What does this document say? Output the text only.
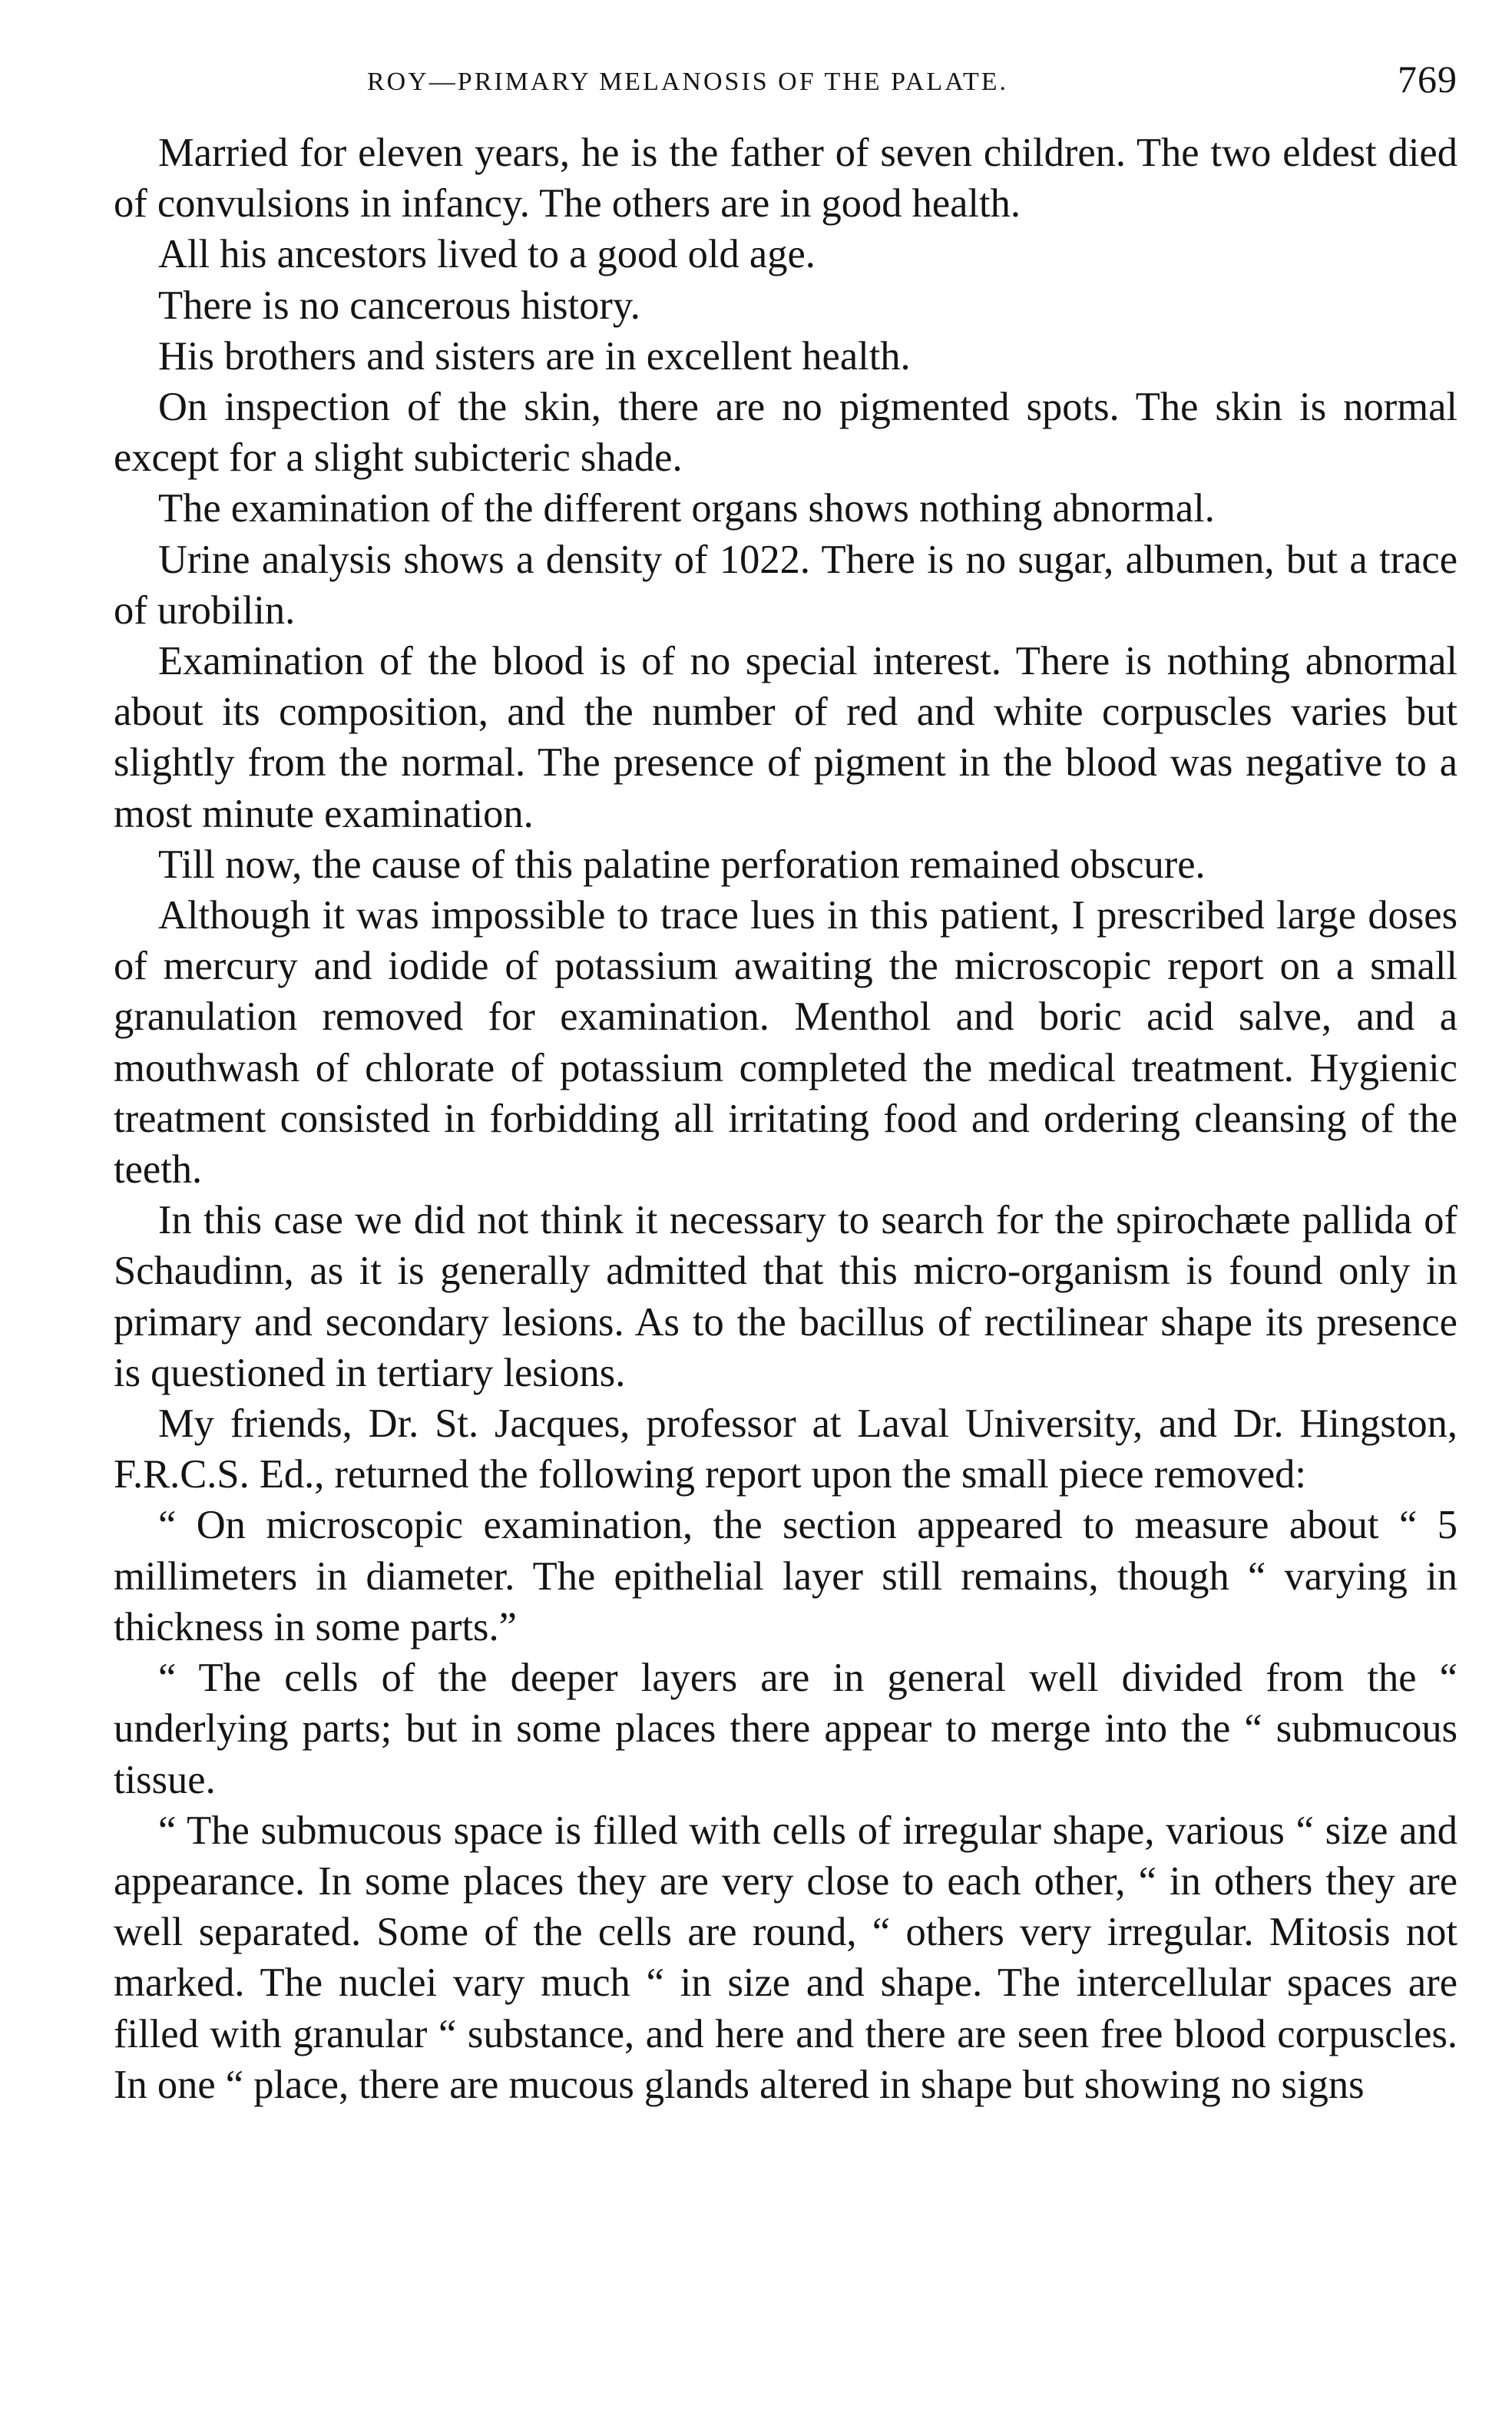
ROY—PRIMARY MELANOSIS OF THE PALATE.	769

Married for eleven years, he is the father of seven children. The two eldest died of convulsions in infancy. The others are in good health.

All his ancestors lived to a good old age.

There is no cancerous history.

His brothers and sisters are in excellent health.

On inspection of the skin, there are no pigmented spots. The skin is normal except for a slight subicteric shade.

The examination of the different organs shows nothing abnormal.

Urine analysis shows a density of 1022. There is no sugar, albumen, but a trace of urobilin.

Examination of the blood is of no special interest. There is nothing abnormal about its composition, and the number of red and white corpuscles varies but slightly from the normal. The presence of pigment in the blood was negative to a most minute examination.

Till now, the cause of this palatine perforation remained obscure.

Although it was impossible to trace lues in this patient, I prescribed large doses of mercury and iodide of potassium awaiting the microscopic report on a small granulation removed for examination. Menthol and boric acid salve, and a mouthwash of chlorate of potassium completed the medical treatment. Hygienic treatment consisted in forbidding all irritating food and ordering cleansing of the teeth.

In this case we did not think it necessary to search for the spirochæte pallida of Schaudinn, as it is generally admitted that this micro-organism is found only in primary and secondary lesions. As to the bacillus of rectilinear shape its presence is questioned in tertiary lesions.

My friends, Dr. St. Jacques, professor at Laval University, and Dr. Hingston, F.R.C.S. Ed., returned the following report upon the small piece removed:

“ On microscopic examination, the section appeared to measure about “ 5 millimeters in diameter. The epithelial layer still remains, though “ varying in thickness in some parts.”

“ The cells of the deeper layers are in general well divided from the “ underlying parts; but in some places there appear to merge into the “ submucous tissue.

“ The submucous space is filled with cells of irregular shape, various “ size and appearance. In some places they are very close to each other, “ in others they are well separated. Some of the cells are round, “ others very irregular. Mitosis not marked. The nuclei vary much “ in size and shape. The intercellular spaces are filled with granular “ substance, and here and there are seen free blood corpuscles. In one “ place, there are mucous glands altered in shape but showing no signs
